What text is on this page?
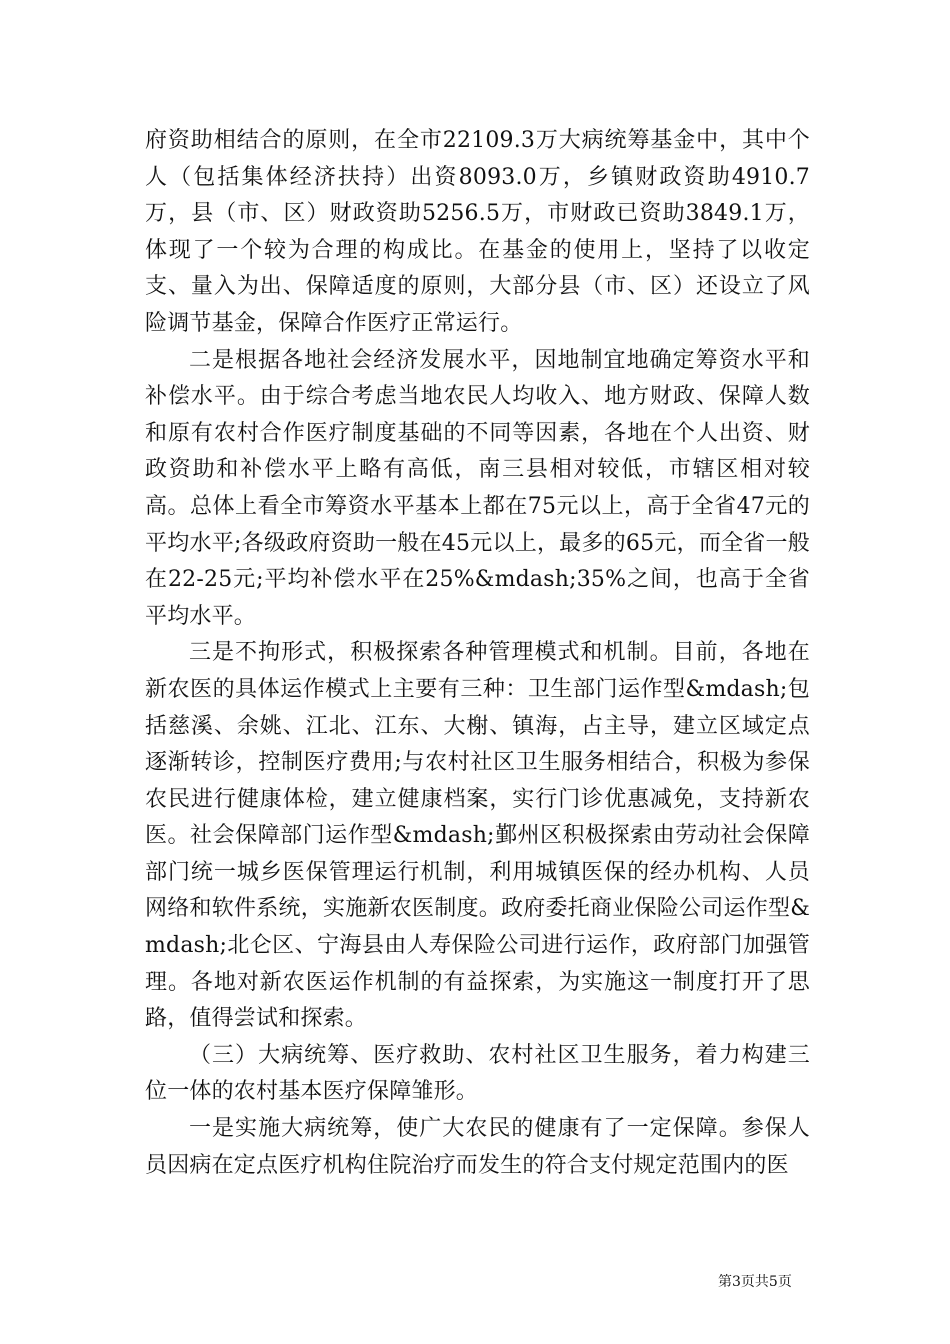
府资助相结合的原则，在全市22109.3万大病统筹基金中，其中个人（包括集体经济扶持）出资8093.0万，乡镇财政资助4910.7万，县（市、区）财政资助5256.5万，市财政已资助3849.1万，体现了一个较为合理的构成比。在基金的使用上，坚持了以收定支、量入为出、保障适度的原则，大部分县（市、区）还设立了风险调节基金，保障合作医疗正常运行。

二是根据各地社会经济发展水平，因地制宜地确定筹资水平和补偿水平。由于综合考虑当地农民人均收入、地方财政、保障人数和原有农村合作医疗制度基础的不同等因素，各地在个人出资、财政资助和补偿水平上略有高低，南三县相对较低，市辖区相对较高。总体上看全市筹资水平基本上都在75元以上，高于全省47元的平均水平;各级政府资助一般在45元以上，最多的65元，而全省一般在22-25元;平均补偿水平在25%&mdash;35%之间，也高于全省平均水平。

三是不拘形式，积极探索各种管理模式和机制。目前，各地在新农医的具体运作模式上主要有三种：卫生部门运作型&mdash;包括慈溪、余姚、江北、江东、大榭、镇海，占主导，建立区域定点逐渐转诊，控制医疗费用;与农村社区卫生服务相结合，积极为参保农民进行健康体检，建立健康档案，实行门诊优惠减免，支持新农医。社会保障部门运作型&mdash;鄞州区积极探索由劳动社会保障部门统一城乡医保管理运行机制，利用城镇医保的经办机构、人员网络和软件系统，实施新农医制度。政府委托商业保险公司运作型&mdash;北仑区、宁海县由人寿保险公司进行运作，政府部门加强管理。各地对新农医运作机制的有益探索，为实施这一制度打开了思路，值得尝试和探索。

（三）大病统筹、医疗救助、农村社区卫生服务，着力构建三位一体的农村基本医疗保障雏形。

一是实施大病统筹，使广大农民的健康有了一定保障。参保人员因病在定点医疗机构住院治疗而发生的符合支付规定范围内的医

第3页共5页
